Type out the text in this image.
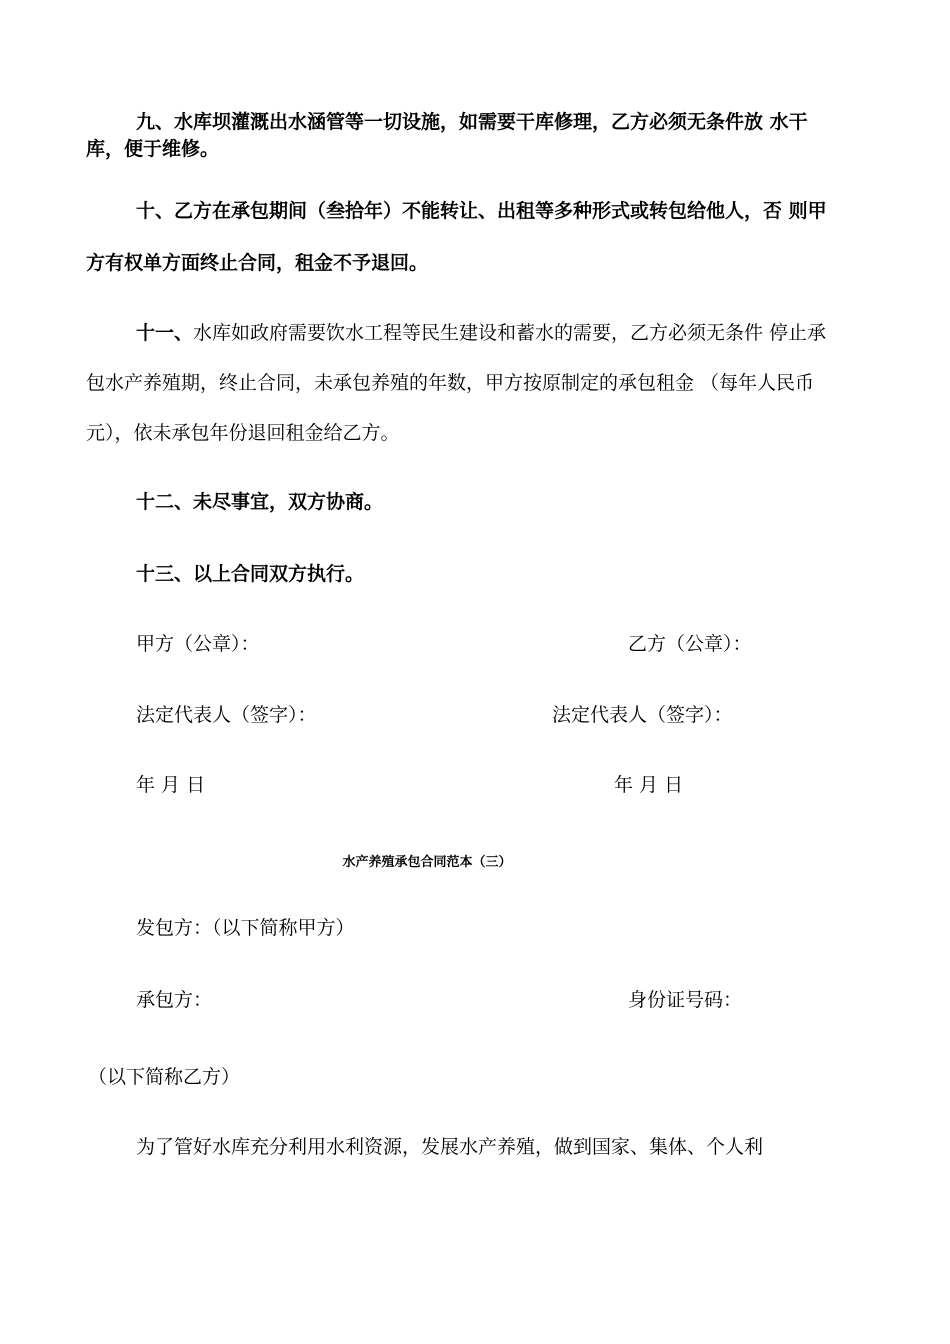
九、水库坝灌溉出水涵管等一切设施，如需要干库修理，乙方必须无条件放 水干
库，便于维修。
十、乙方在承包期间（叁拾年）不能转让、出租等多种形式或转包给他人，否 则甲
方有权单方面终止合同，租金不予退回。
十一、水库如政府需要饮水工程等民生建设和蓄水的需要，乙方必须无条件 停止承
包水产养殖期，终止合同，未承包养殖的年数，甲方按原制定的承包租金 （每年人民币
元），依未承包年份退回租金给乙方。
十二、未尽事宜，双方协商。
十三、以上合同双方执行。
甲方（公章）：	乙方（公章）：
法定代表人（签字）：	法定代表人（签字）：
年 月 日	年 月 日
水产养殖承包合同范本（三）
发包方：（以下简称甲方）
承包方：	身份证号码：
（以下简称乙方）
为了管好水库充分利用水利资源，发展水产养殖，做到国家、集体、个人利
